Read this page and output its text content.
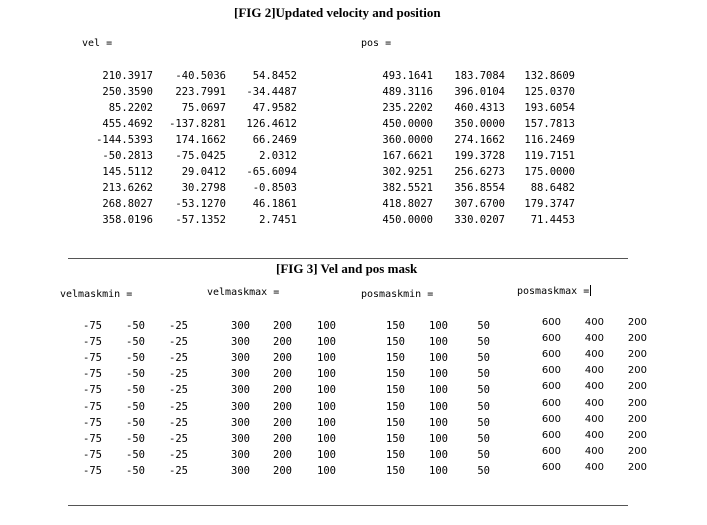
[FIG 2]Updated velocity and position
vel =	pos =
210.3917 -40.5036	54.8452
250.3590 223.7991 -34.4487
85.2202	75.0697	47.9582
455.4692 -137.8281 126.4612
-144.5393 174.1662	66.2469
-50.2813 -75.0425	2.0312
145.5112	29.0412 -65.6094
213.6262	30.2798	-0.8503
268.8027 -53.1270	46.1861
358.0196 -57.1352	2.7451
493.1641 183.7084 132.8609
489.3116 396.0104 125.0370
235.2202 460.4313 193.6054
450.0000 350.0000 157.7813
360.0000 274.1662 116.2469
167.6621 199.3728 119.7151
302.9251 256.6273 175.0000
382.5521 356.8554 88.6482
418.8027 307.6700 179.3747
450.0000 330.0207 71.4453
[FIG 3] Vel and pos mask
velmaskmin =	velmaskmax =	posmaskmin =	posmaskmax =
-75 -50 -25
-75 -50 -25
-75 -50 -25
-75 -50 -25
-75 -50 -25
-75 -50 -25
-75 -50 -25
-75 -50 -25
-75 -50 -25
-75 -50 -25
300 200 100
300 200 100
300 200 100
300 200 100
300 200 100
300 200 100
300 200 100
300 200 100
300 200 100
300 200 100
150 100	50
150 100	50
150 100	50
150 100	50
150 100	50
150 100	50
150 100	50
150 100	50
150 100	50
150 100	50
600 400 200
600 400 200
600 400 200
600 400 200
600 400 200
600 400 200
600 400 200
600 400 200
600 400 200
600 400 200
